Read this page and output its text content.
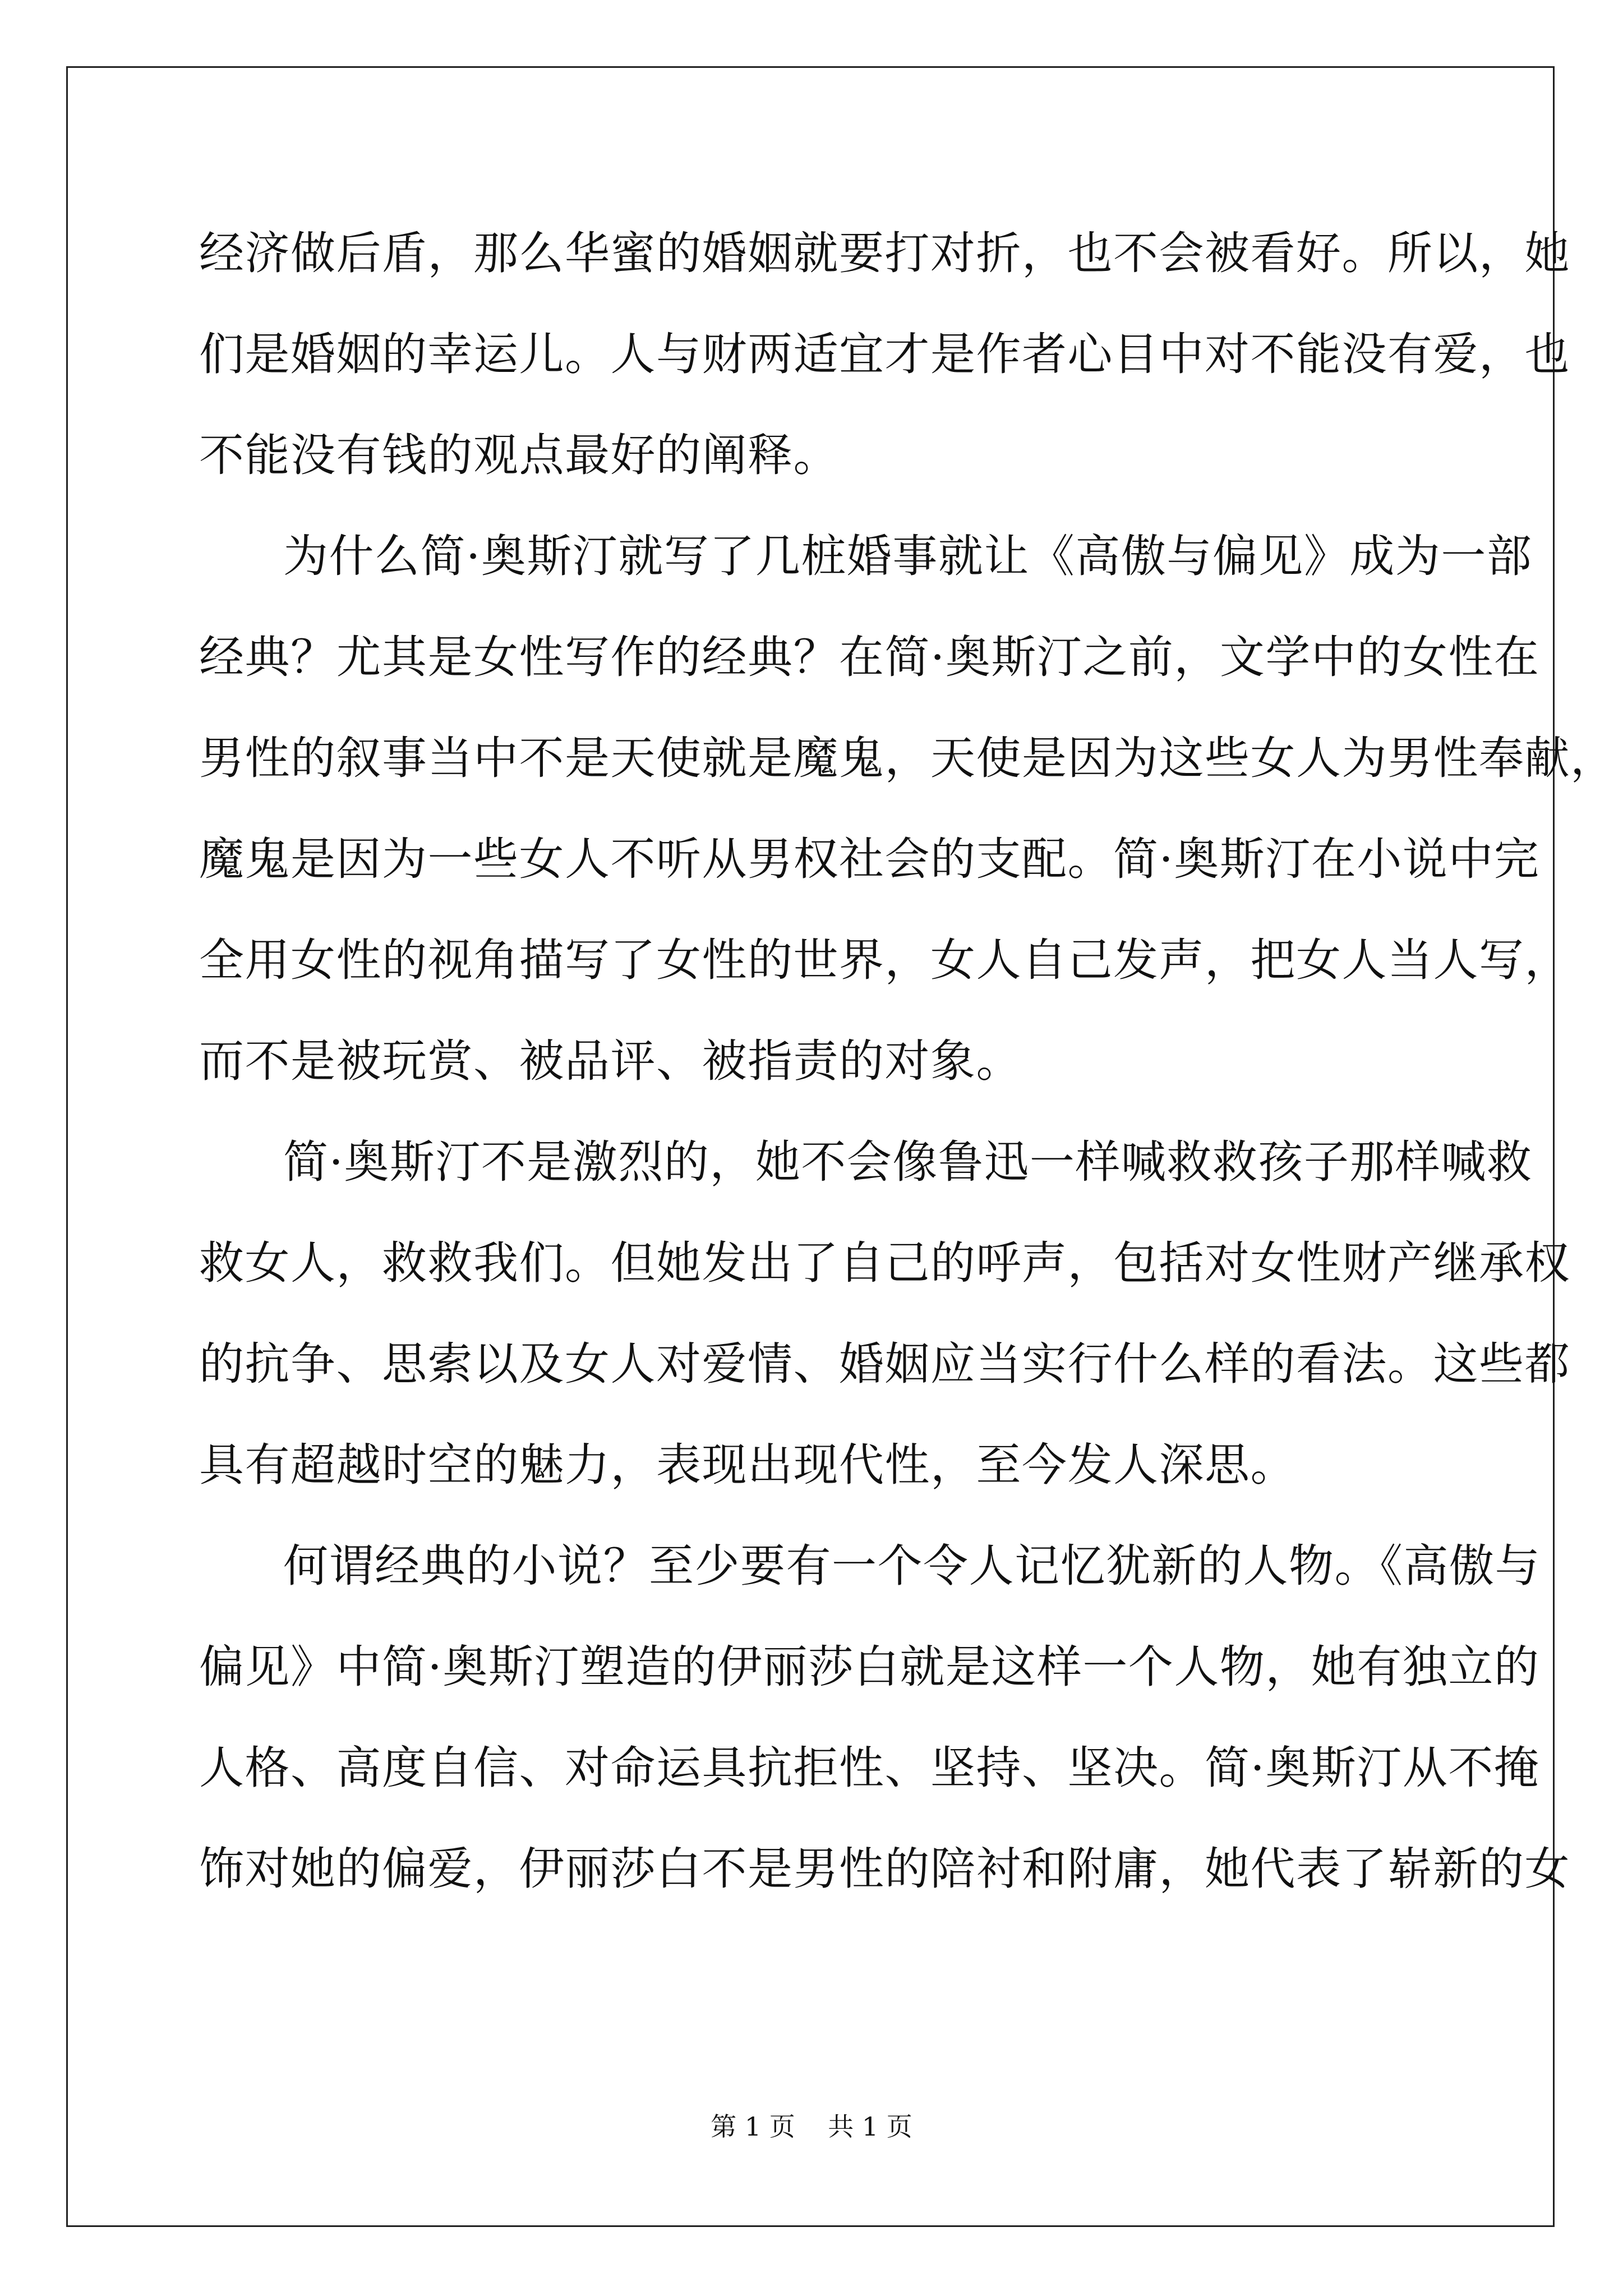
经济做后盾，那么华蜜的婚姻就要打对折，也不会被看好。所以，她
们是婚姻的幸运儿。人与财两适宜才是作者心目中对不能没有爱，也
不能没有钱的观点最好的阐释。
为什么简·奥斯汀就写了几桩婚事就让《高傲与偏见》成为一部
经典？尤其是女性写作的经典？在简·奥斯汀之前，文学中的女性在
男性的叙事当中不是天使就是魔鬼，天使是因为这些女人为男性奉献，
魔鬼是因为一些女人不听从男权社会的支配。简·奥斯汀在小说中完
全用女性的视角描写了女性的世界，女人自己发声，把女人当人写，
而不是被玩赏、被品评、被指责的对象。
简·奥斯汀不是激烈的，她不会像鲁迅一样喊救救孩子那样喊救
救女人，救救我们。但她发出了自己的呼声，包括对女性财产继承权
的抗争、思索以及女人对爱情、婚姻应当实行什么样的看法。这些都
具有超越时空的魅力，表现出现代性，至今发人深思。
何谓经典的小说？至少要有一个令人记忆犹新的人物。《高傲与
偏见》中简·奥斯汀塑造的伊丽莎白就是这样一个人物，她有独立的
人格、高度自信、对命运具抗拒性、坚持、坚决。简·奥斯汀从不掩
饰对她的偏爱，伊丽莎白不是男性的陪衬和附庸，她代表了崭新的女
第 1 页    共 1 页
